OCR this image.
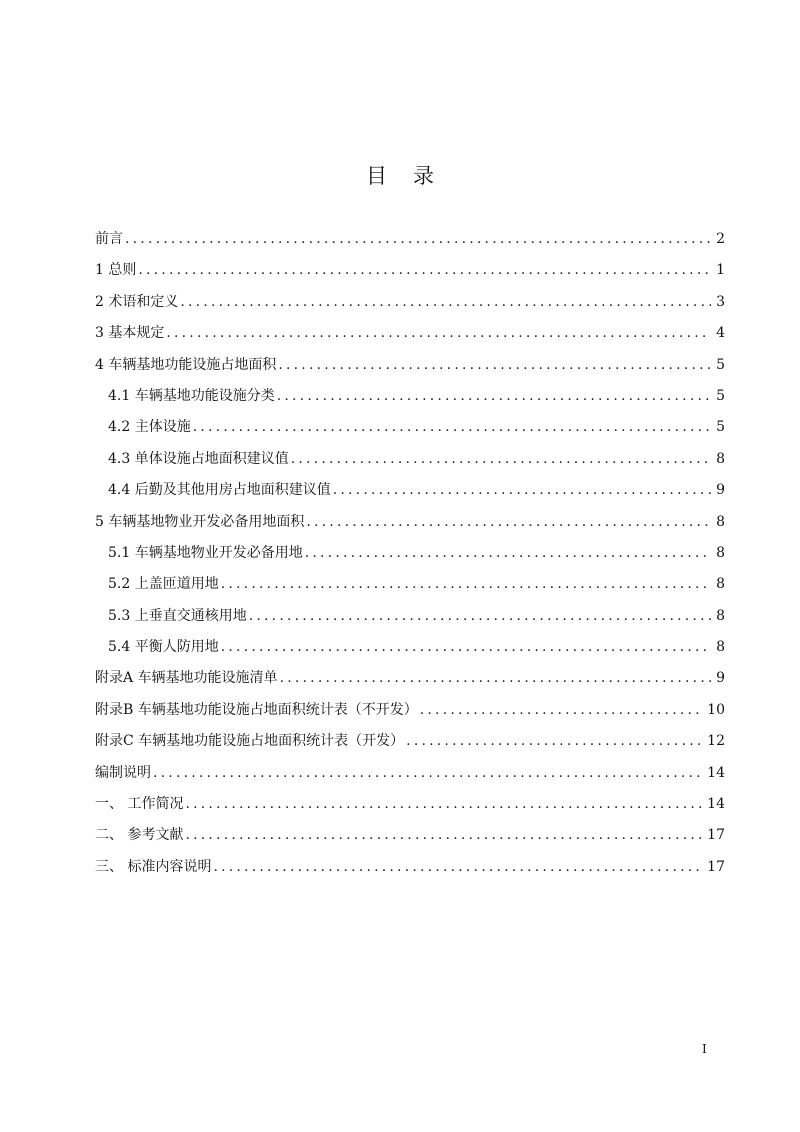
目录
前言 .....	2
1 总则 .....	1
2 术语和定义 .....	3
3 基本规定 .....	4
4 车辆基地功能设施占地面积 .....	5
4.1 车辆基地功能设施分类 .....	5
4.2 主体设施 .....	5
4.3 单体设施占地面积建议值 .....	8
4.4 后勤及其他用房占地面积建议值 .....	9
5 车辆基地物业开发必备用地面积 .....	8
5.1 车辆基地物业开发必备用地 .....	8
5.2 上盖匝道用地 .....	8
5.3 上垂直交通核用地 .....	8
5.4 平衡人防用地 .....	8
附录A 车辆基地功能设施清单 .....	9
附录B 车辆基地功能设施占地面积统计表（不开发） .....	10
附录C 车辆基地功能设施占地面积统计表（开发） .....	12
编制说明 .....	14
一、 工作简况 .....	14
二、 参考文献 .....	17
三、 标准内容说明 .....	17
I
